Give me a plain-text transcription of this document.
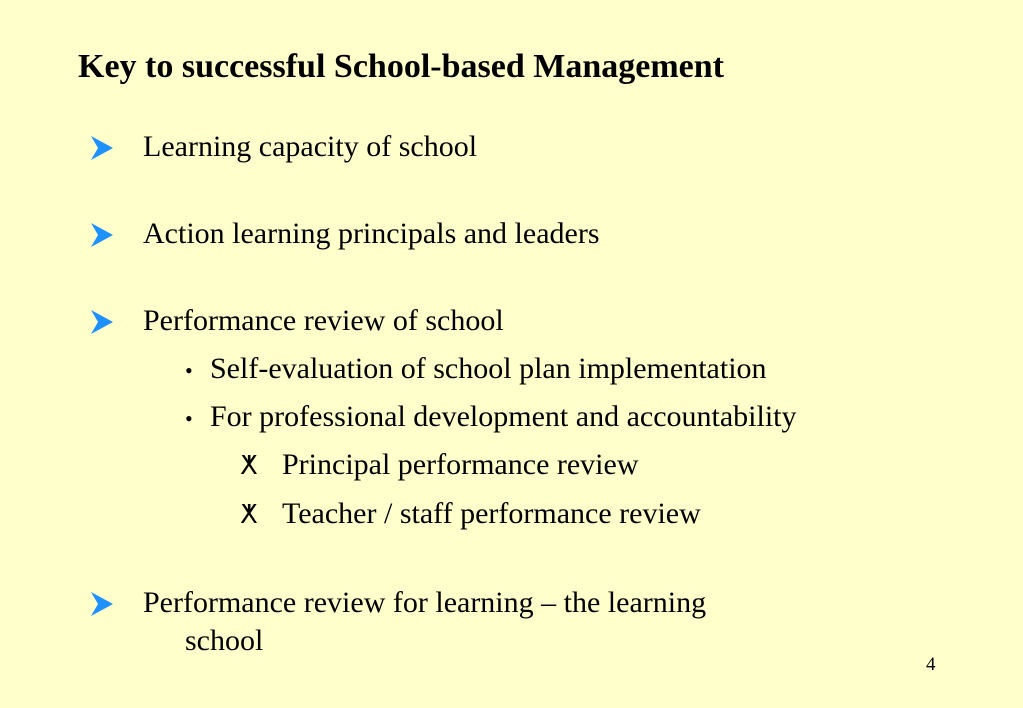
Key to successful School-based Management
Learning capacity of school
Action learning principals and leaders
Performance review of school
• Self-evaluation of school plan implementation
• For professional development and accountability
ⵅ Principal performance review
ⵅ Teacher / staff performance review
Performance review for learning – the learning
school
4
